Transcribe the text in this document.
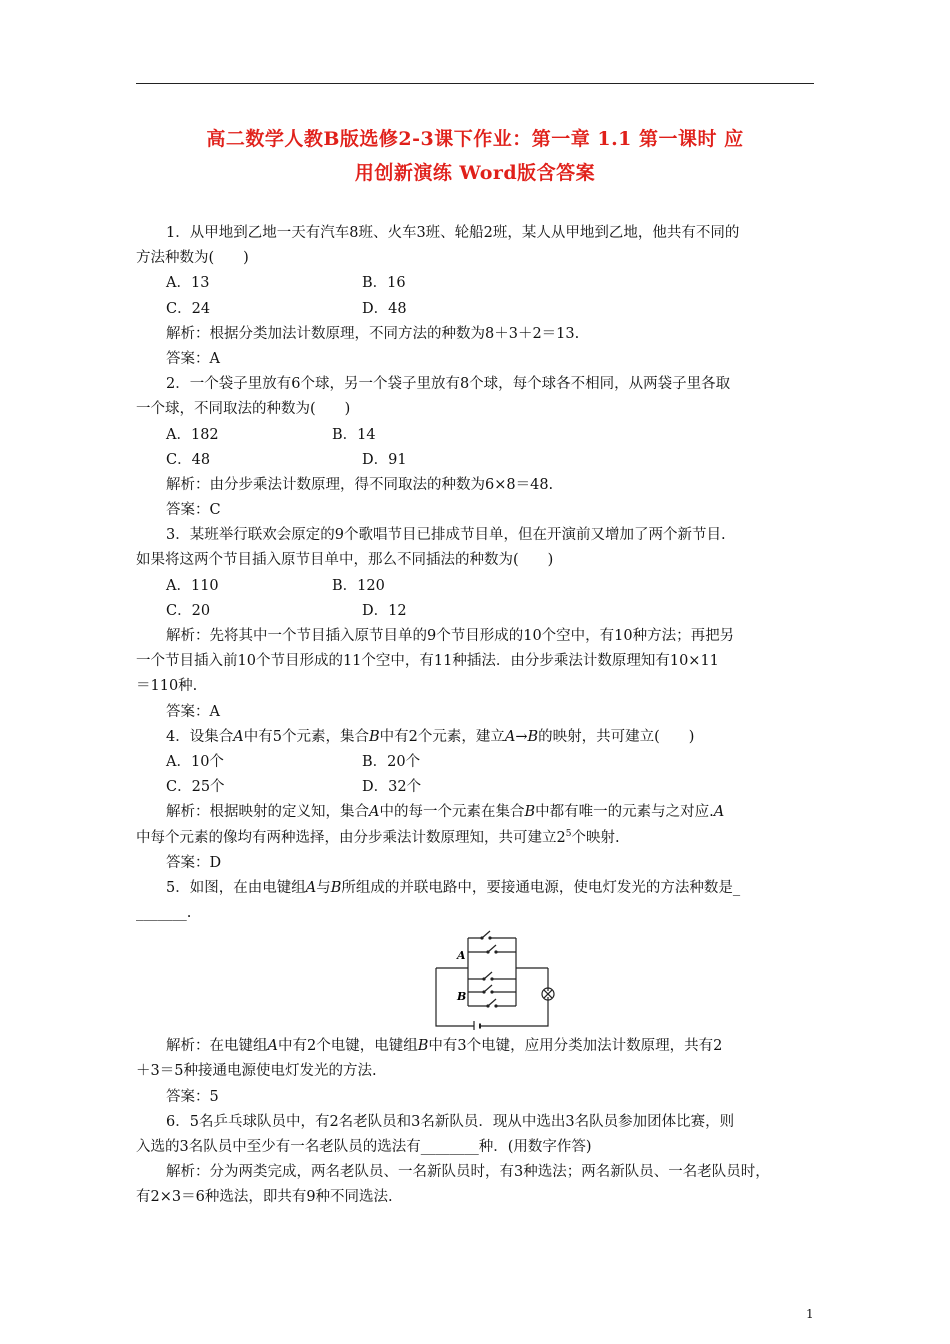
高二数学人教B版选修2-3课下作业：第一章 1.1 第一课时 应
用创新演练 Word版含答案
1．从甲地到乙地一天有汽车8班、火车3班、轮船2班，某人从甲地到乙地，他共有不同的
方法种数为(　　)
A．13	B．16
C．24	D．48
解析：根据分类加法计数原理，不同方法的种数为8＋3＋2＝13.
答案：A
2．一个袋子里放有6个球，另一个袋子里放有8个球，每个球各不相同，从两袋子里各取
一个球，不同取法的种数为(　　)
A．182	B．14
C．48	D．91
解析：由分步乘法计数原理，得不同取法的种数为6×8＝48.
答案：C
3．某班举行联欢会原定的9个歌唱节目已排成节目单，但在开演前又增加了两个新节目.
如果将这两个节目插入原节目单中，那么不同插法的种数为(　　)
A．110	B．120
C．20	D．12
解析：先将其中一个节目插入原节目单的9个节目形成的10个空中，有10种方法；再把另
一个节目插入前10个节目形成的11个空中，有11种插法．由分步乘法计数原理知有10×11
＝110种.
答案：A
4．设集合A中有5个元素，集合B中有2个元素，建立A→B的映射，共可建立(　　)
A．10个	B．20个
C．25个	D．32个
解析：根据映射的定义知，集合A中的每一个元素在集合B中都有唯一的元素与之对应.A
中每个元素的像均有两种选择，由分步乘法计数原理知，共可建立$2^5$个映射.
答案：D
5．如图，在由电键组A与B所组成的并联电路中，要接通电源，使电灯发光的方法种数是_
_______.
A
B
解析：在电键组A中有2个电键，电键组B中有3个电键，应用分类加法计数原理，共有2
＋3＝5种接通电源使电灯发光的方法.
答案：5
6．5名乒乓球队员中，有2名老队员和3名新队员．现从中选出3名队员参加团体比赛，则
入选的3名队员中至少有一名老队员的选法有________种．(用数字作答)
解析：分为两类完成，两名老队员、一名新队员时，有3种选法；两名新队员、一名老队员时，
有2×3＝6种选法，即共有9种不同选法.
1
